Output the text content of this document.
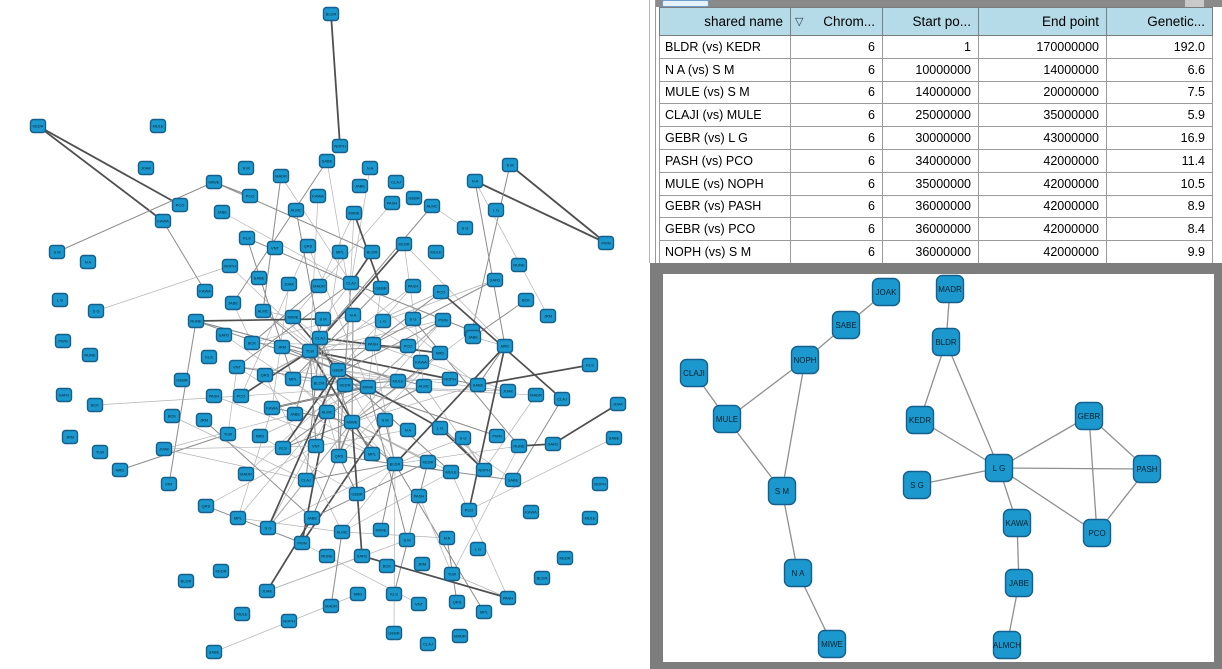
BLDR
KEDR	MULE
NOPH
SABE
JOAK
MADR
CLAJ
GEBR
PASH
PCO
KAWA
JABE	ALMC
MIWE
S M
N A
L G
S G
PWN
RUNE
SAFD
BCK
JRM
NRD
KLS
VNT
QRS
MPL
BLDR
KEDR
MULE
NOPH
SABE
JOAK
MADR
CLAJ
GEBR
PASH	PCO
KAWA
JABE
ALMC
MIWE
S M
N A
L G
S G
PWN
RUNE
SAFD
BCK
JRM
TLW
NRD
KLS
VNT	QRS
MPL	BLDR
KEDR
MULE
NOPH
SABE
JOAK	MADR
CLAJ
GEBR	PASH
PCO
KAWA
JABE
ALMC
MIWE	S M
N A
L G	S G	PWN
RUNE
SAFD
BCK
JRM
TLW	NRD
KLS
VNT
QRS
MPL
BLDR	KEDR
MULE	NOPH
SABE
JOAK
MADR
CLAJ
GEBR
PASH	PCO
KAWA
JABE	ALMC
MIWE	S M
N A	L G
S G	PWN
RUNE	SAFD
BCK
JRM
TLW	NRD
KLS	VNT
QRS	MPL
BLDR	KEDR
MULE	NOPH
SABE
JOAK
MADR
CLAJ
GEBR	PASH
PCO	KAWA
JABE
ALMC	MIWE
S M	N A
L G
S G
PWN
RUNE	SAFD
BCK	JRM
TLW
NRD	KLS
VNT	QRS
MPL
BLDR
KEDR
MULE
NOPH
SABE
JOAK
MADR
CLAJ
GEBR
PASH
PCO	KAWA
JABE
ALMC
MIWE
S M	N A
shared name	▽ Chrom...	Start po...	End point	Genetic...
BLDR (vs) KEDR	6	1	170000000	192.0
N A (vs) S M	6	10000000	14000000	6.6
MULE (vs) S M	6	14000000	20000000	7.5
CLAJI (vs) MULE	6	25000000	35000000	5.9
GEBR (vs) L G	6	30000000	43000000	16.9
PASH (vs) PCO	6	34000000	42000000	11.4
MULE (vs) NOPH	6	35000000	42000000	10.5
GEBR (vs) PASH	6	36000000	42000000	8.9
GEBR (vs) PCO	6	36000000	42000000	8.4
NOPH (vs) S M	6	36000000	42000000	9.9
JOAK	MADR
SABE
BLDR
NOPH
CLAJI
GEBR
MULE	KEDR
L G	PASH
S G
S M
KAWA
PCO
N A
JABE
MIWE	ALMCH
